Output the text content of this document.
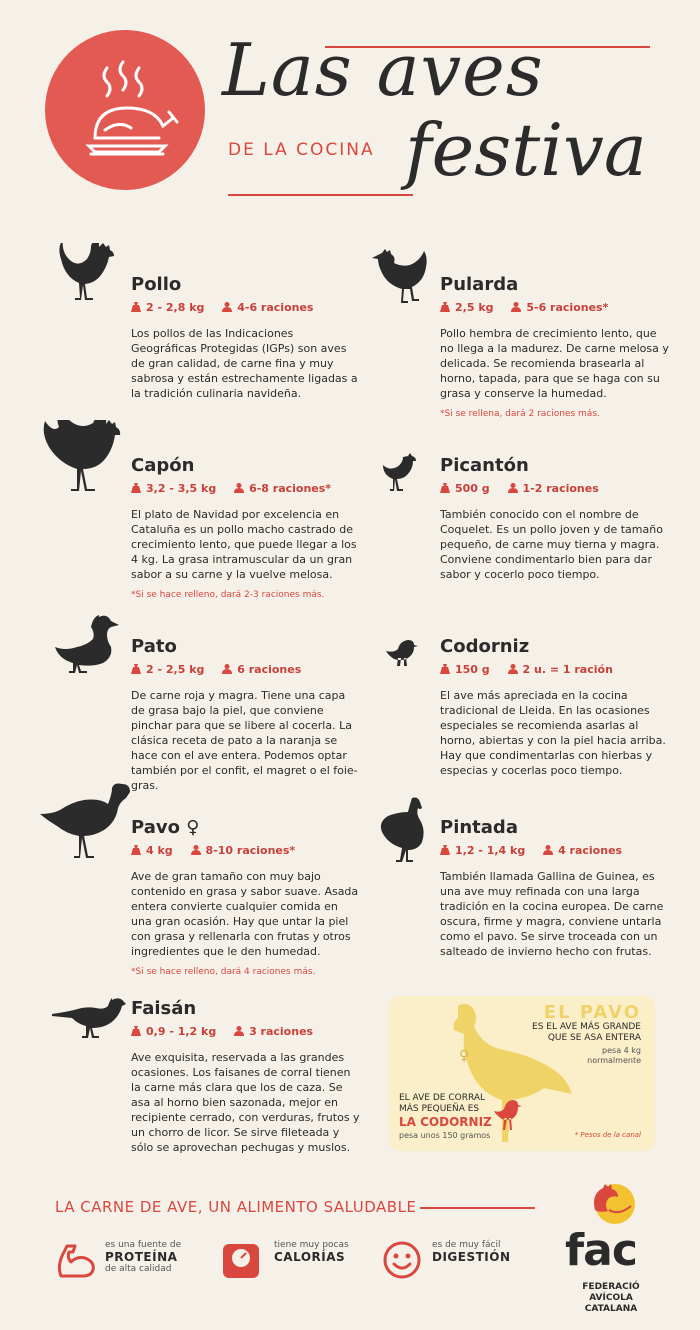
Las aves
festiva
DE LA COCINA
Pollo
2 - 2,8 kg	4-6 raciones
Los pollos de las Indicaciones Geográficas Protegidas (IGPs) son aves de gran calidad, de carne fina y muy sabrosa y están estrechamente ligadas a la tradición culinaria navideña.
Pularda
2,5 kg	5-6 raciones*
Pollo hembra de crecimiento lento, que no llega a la madurez. De carne melosa y delicada. Se recomienda brasearla al horno, tapada, para que se haga con su grasa y conserve la humedad.
*Si se rellena, dará 2 raciones más.
Capón
3,2 - 3,5 kg	6-8 raciones*
El plato de Navidad por excelencia en Cataluña es un pollo macho castrado de crecimiento lento, que puede llegar a los 4 kg. La grasa intramuscular da un gran sabor a su carne y la vuelve melosa.
*Si se hace relleno, dará 2-3 raciones más.
Picantón
500 g	1-2 raciones
También conocido con el nombre de Coquelet. Es un pollo joven y de tamaño pequeño, de carne muy tierna y magra. Conviene condimentarlo bien para dar sabor y cocerlo poco tiempo.
Pato
2 - 2,5 kg	6 raciones
De carne roja y magra. Tiene una capa de grasa bajo la piel, que conviene pinchar para que se libere al cocerla. La clásica receta de pato a la naranja se hace con el ave entera. Podemos optar también por el confit, el magret o el foie-gras.
Codorniz
150 g	2 u. = 1 ración
El ave más apreciada en la cocina tradicional de Lleida. En las ocasiones especiales se recomienda asarlas al horno, abiertas y con la piel hacia arriba. Hay que condimentarlas con hierbas y especias y cocerlas poco tiempo.
Pavo ♀
4 kg	8-10 raciones*
Ave de gran tamaño con muy bajo contenido en grasa y sabor suave. Asada entera convierte cualquier comida en una gran ocasión. Hay que untar la piel con grasa y rellenarla con frutas y otros ingredientes que le den humedad.
*Si se hace relleno, dará 4 raciones más.
Pintada
1,2 - 1,4 kg	4 raciones
También llamada Gallina de Guinea, es una ave muy refinada con una larga tradición en la cocina europea. De carne oscura, firme y magra, conviene untarla como el pavo. Se sirve troceada con un salteado de invierno hecho con frutas.
Faisán
0,9 - 1,2 kg	3 raciones
Ave exquisita, reservada a las grandes ocasiones. Los faisanes de corral tienen la carne más clara que los de caza. Se asa al horno bien sazonada, mejor en recipiente cerrado, con verduras, frutos y un chorro de licor. Se sirve fileteada y sólo se aprovechan pechugas y muslos.
♀
EL PAVO
ES EL AVE MÁS GRANDE QUE SE ASA ENTERA
pesa 4 kg normalmente
EL AVE DE CORRAL MÁS PEQUEÑA ES
LA CODORNIZ
pesa unos 150 gramos	* Pesos de la canal
LA CARNE DE AVE, UN ALIMENTO SALUDABLE
es una fuente de
PROTEÍNA
de alta calidad
tiene muy pocas
CALORÍAS
es de muy fácil
DIGESTIÓN fac
FEDERACIÓ AVÍCOLA CATALANA
